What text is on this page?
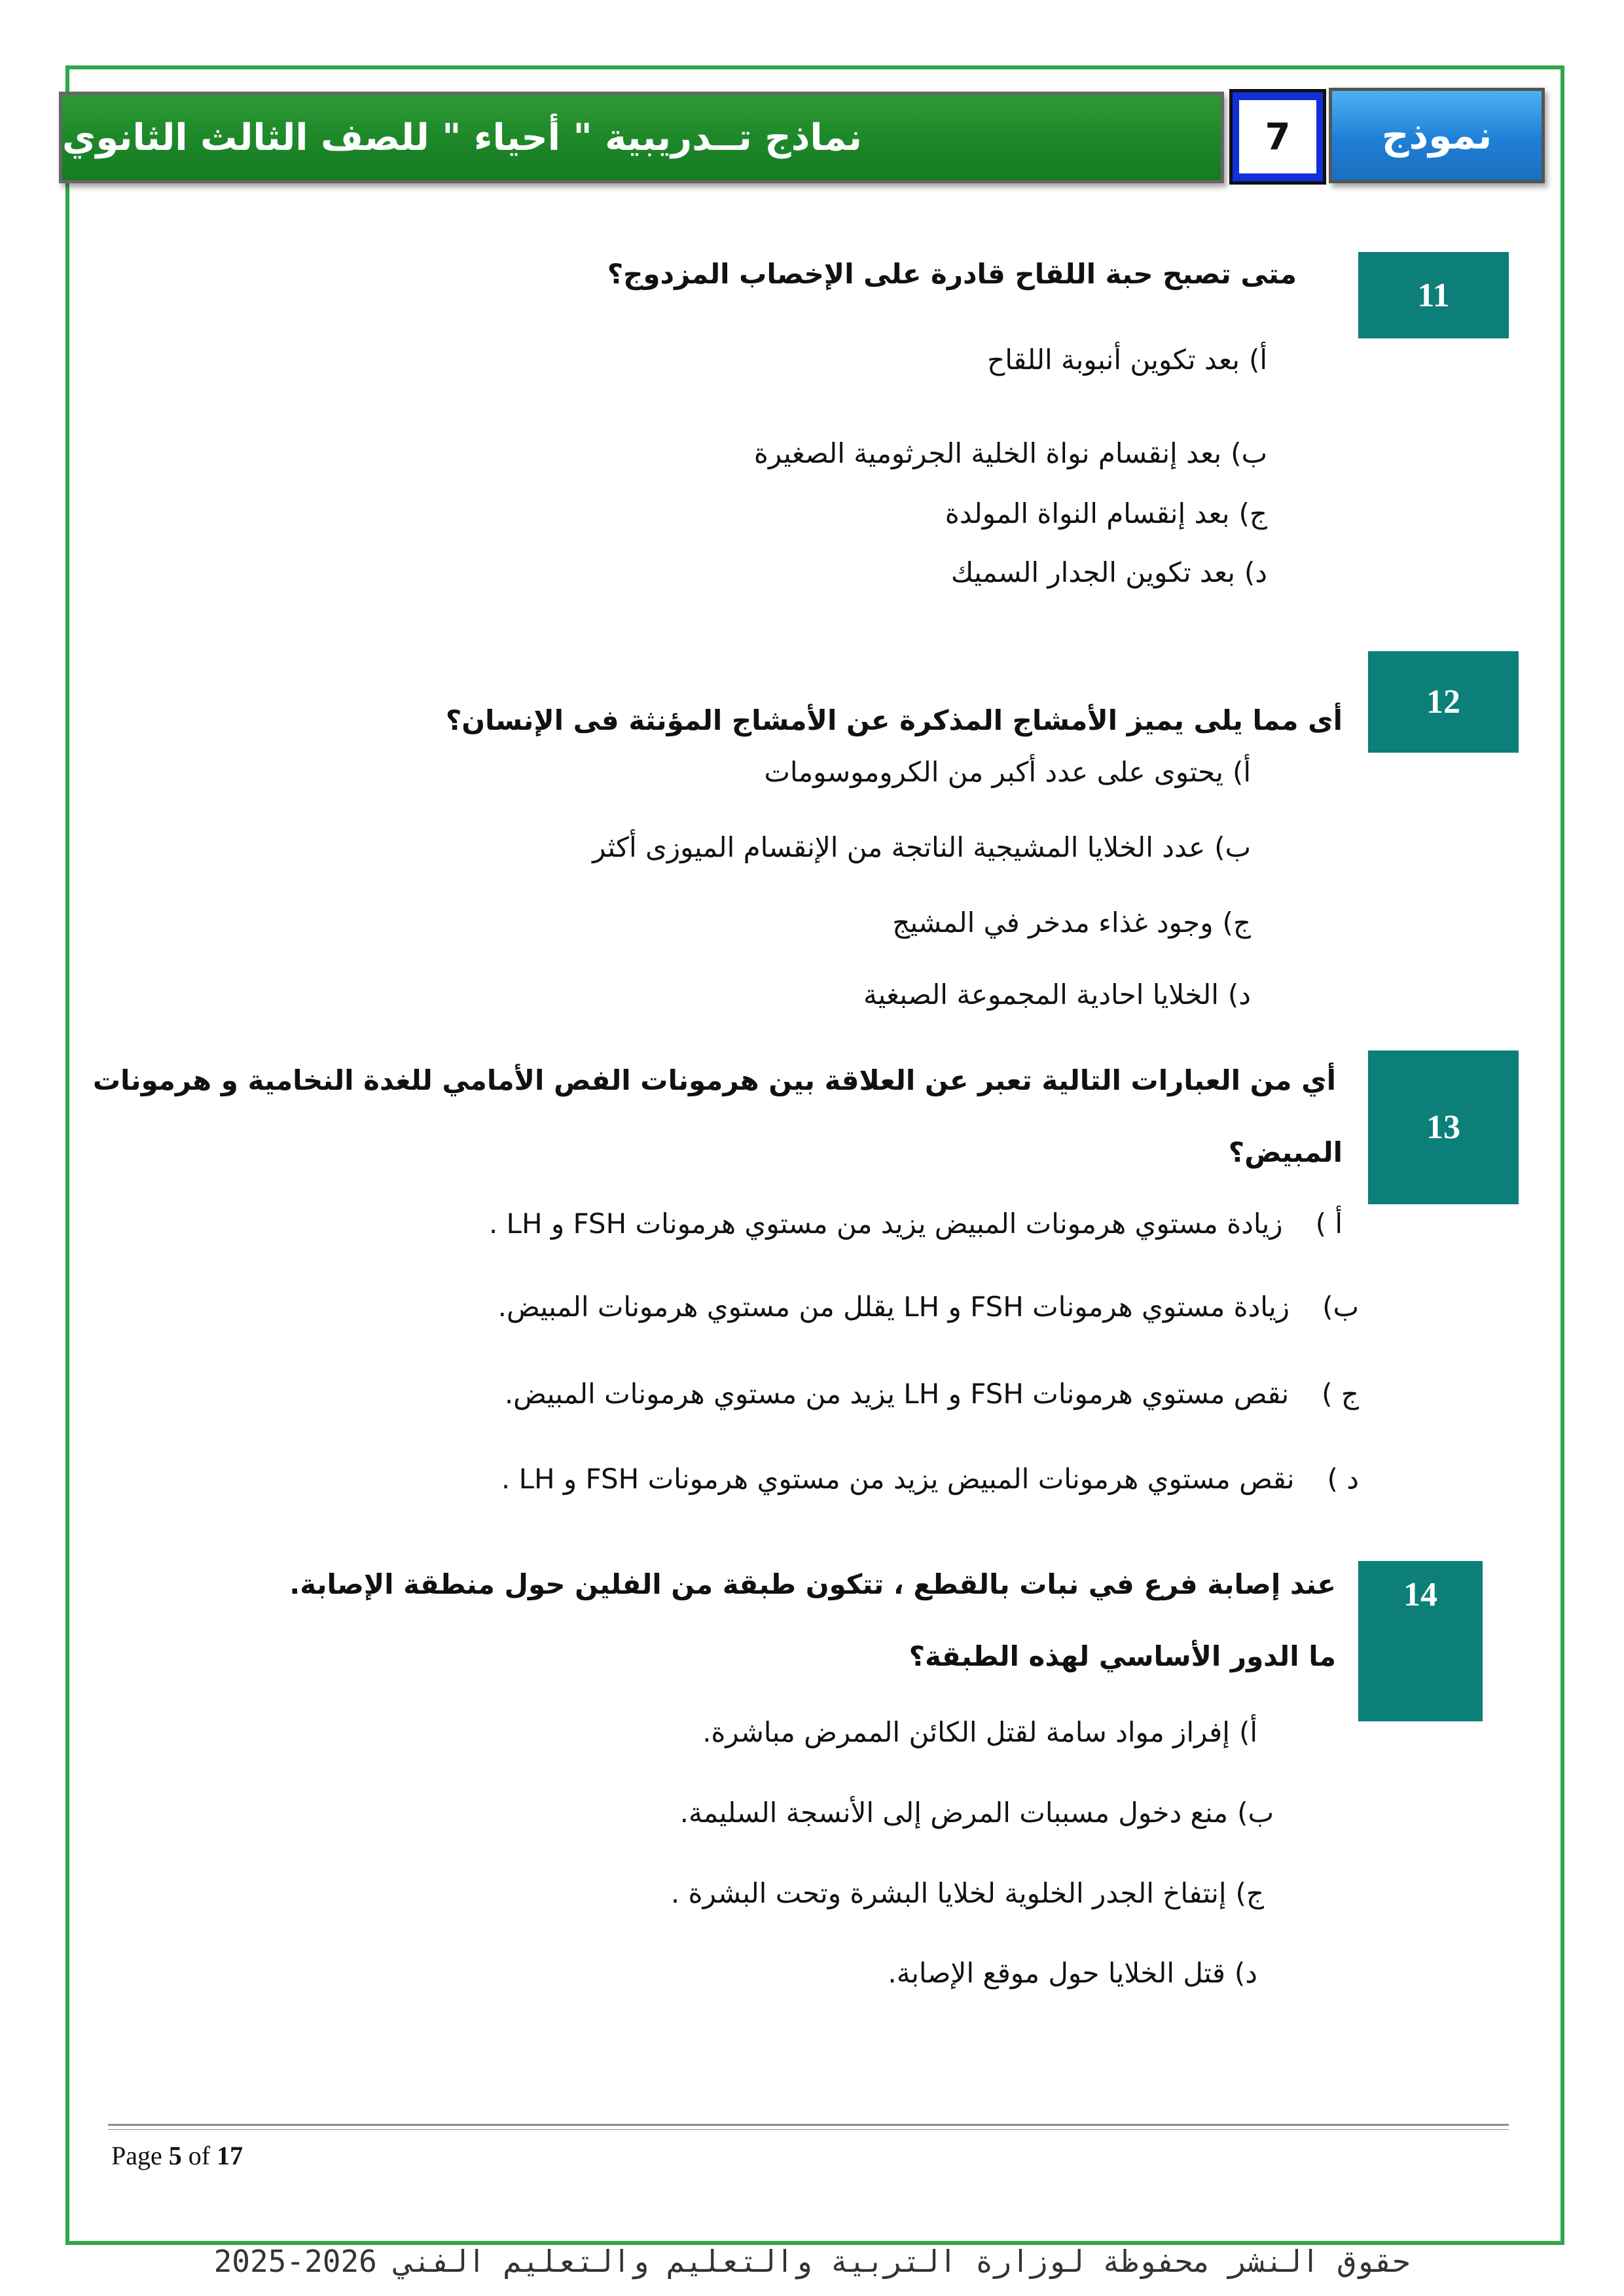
نماذج تــدريبية " أحياء " للصف الثالث الثانوي	7	نموذج
11
متى تصبح حبة اللقاح قادرة على الإخصاب المزدوج؟
أ)بعد تكوين أنبوبة اللقاح
ب)بعد إنقسام نواة الخلية الجرثومية الصغيرة
ج)بعد إنقسام النواة المولدة
د)بعد تكوين الجدار السميك
12
أى مما يلى يميز الأمشاج المذكرة عن الأمشاج المؤنثة فى الإنسان؟
أ)يحتوى على عدد أكبر من الكروموسومات
ب)عدد الخلايا المشيجية الناتجة من الإنقسام الميوزى أكثر
ج)وجود غذاء مدخر في المشيج
د)الخلايا احادية المجموعة الصبغية
13
أي من العبارات التالية تعبر عن العلاقة بين هرمونات الفص الأمامي للغدة النخامية و هرمونات
المبيض؟
أ )زيادة مستوي هرمونات المبيض يزيد من مستوي هرمونات FSH و LH .
ب)زيادة مستوي هرمونات FSH و LH يقلل من مستوي هرمونات المبيض.
ج )نقص مستوي هرمونات FSH و LH يزيد من مستوي هرمونات المبيض.
د )نقص مستوي هرمونات المبيض يزيد من مستوي هرمونات FSH و LH .
14
عند إصابة فرع في نبات بالقطع ، تتكون طبقة من الفلين حول منطقة الإصابة.
ما الدور الأساسي لهذه الطبقة؟
أ)إفراز مواد سامة لقتل الكائن الممرض مباشرة.
ب)منع دخول مسببات المرض إلى الأنسجة السليمة.
ج)إنتفاخ الجدر الخلوية لخلايا البشرة وتحت البشرة .
د)قتل الخلايا حول موقع الإصابة.
Page 5 of 17
حقوق النشر محفوظة لوزارة التربية والتعليم والتعليم الفني 2026-2025
